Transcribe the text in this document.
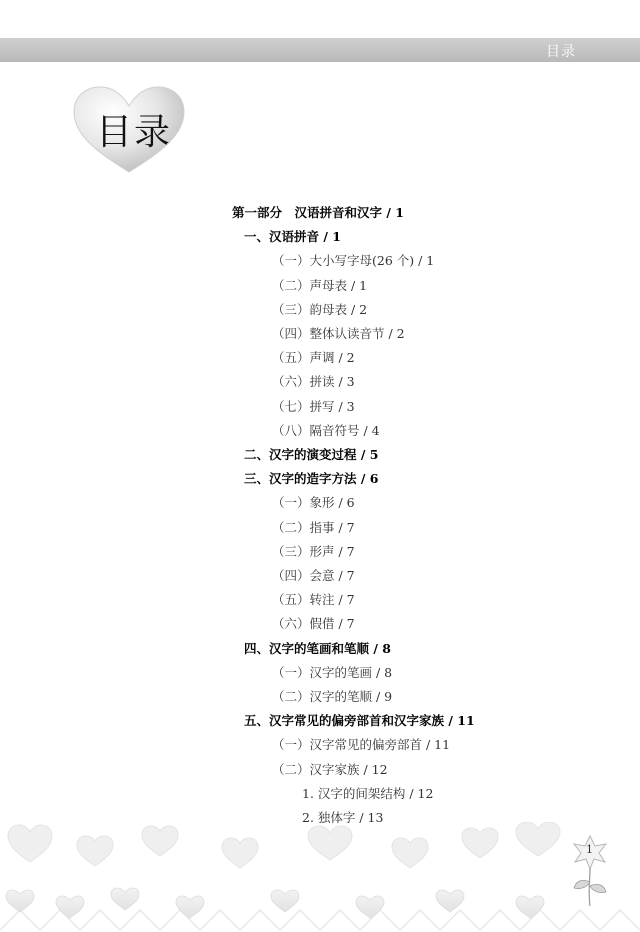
目录
目录
第一部分　汉语拼音和汉字 / 1
一、汉语拼音 / 1
（一）大小写字母(26 个) / 1
（二）声母表 / 1
（三）韵母表 / 2
（四）整体认读音节 / 2
（五）声调 / 2
（六）拼读 / 3
（七）拼写 / 3
（八）隔音符号 / 4
二、汉字的演变过程 / 5
三、汉字的造字方法 / 6
（一）象形 / 6
（二）指事 / 7
（三）形声 / 7
（四）会意 / 7
（五）转注 / 7
（六）假借 / 7
四、汉字的笔画和笔顺 / 8
（一）汉字的笔画 / 8
（二）汉字的笔顺 / 9
五、汉字常见的偏旁部首和汉字家族 / 11
（一）汉字常见的偏旁部首 / 11
（二）汉字家族 / 12
1. 汉字的间架结构 / 12
2. 独体字 / 13
1
